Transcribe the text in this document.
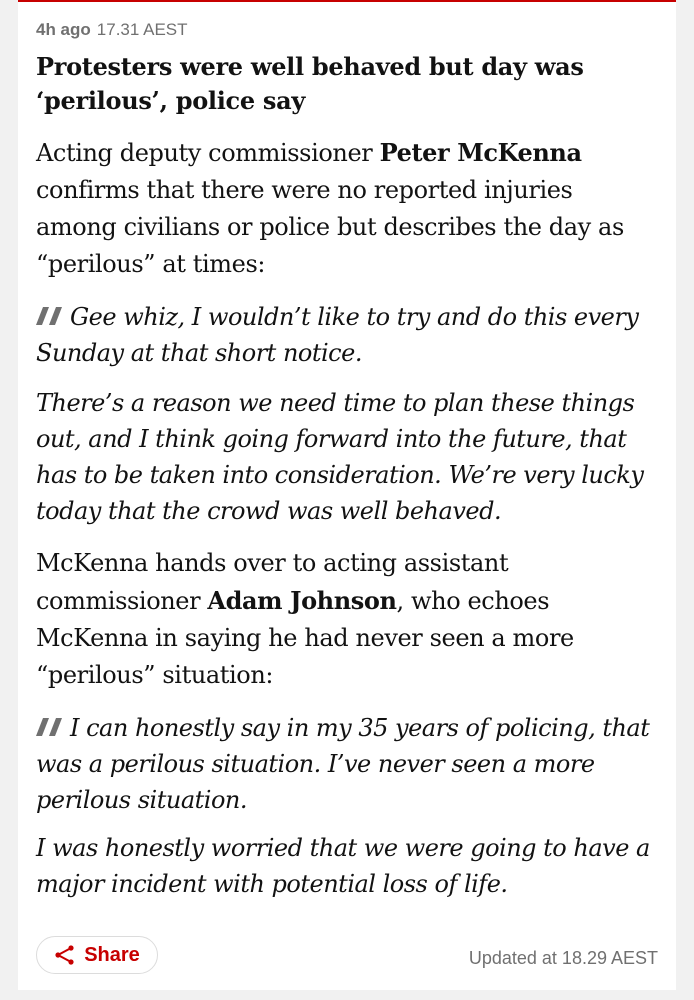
4h ago 17.31 AEST
Protesters were well behaved but day was ‘perilous’, police say

Acting deputy commissioner Peter McKenna confirms that there were no reported injuries among civilians or police but describes the day as “perilous” at times:

Gee whiz, I wouldn’t like to try and do this every Sunday at that short notice.

There’s a reason we need time to plan these things out, and I think going forward into the future, that has to be taken into consideration. We’re very lucky today that the crowd was well behaved.

McKenna hands over to acting assistant commissioner Adam Johnson, who echoes McKenna in saying he had never seen a more “perilous” situation:

I can honestly say in my 35 years of policing, that was a perilous situation. I’ve never seen a more perilous situation.

I was honestly worried that we were going to have a major incident with potential loss of life.

Share	Updated at 18.29 AEST
